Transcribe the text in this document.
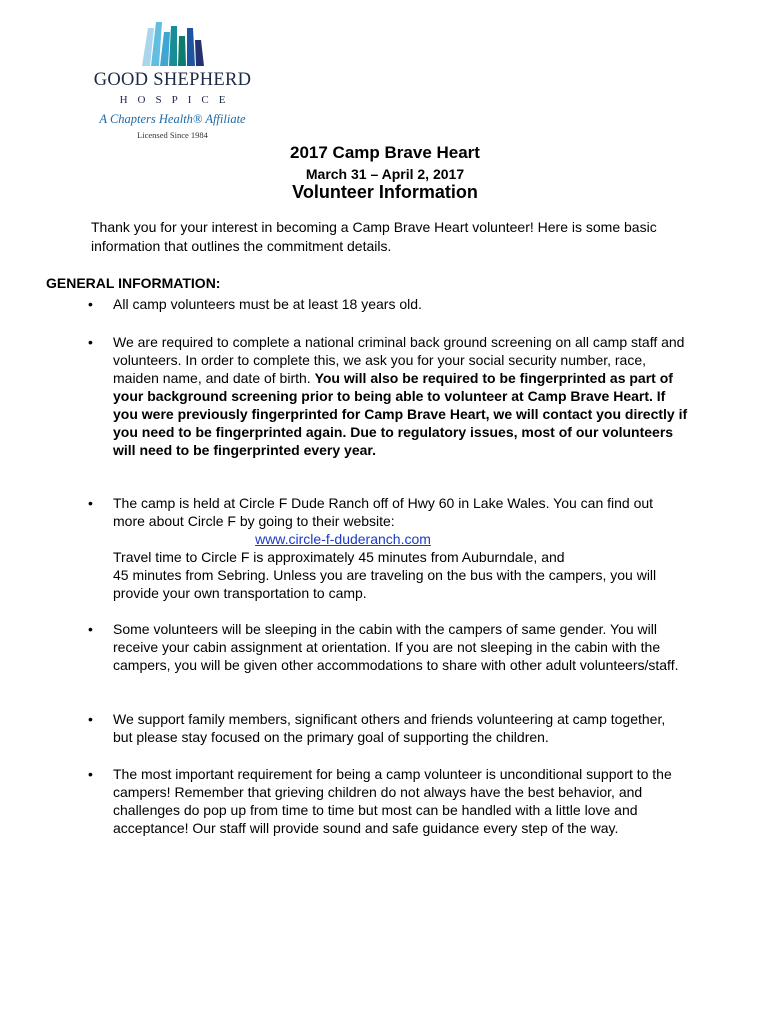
GOOD SHEPHERD
HOSPICE
A Chapters Health® Affiliate
Licensed Since 1984
2017 Camp Brave Heart
March 31 – April 2, 2017
Volunteer Information
Thank you for your interest in becoming a Camp Brave Heart volunteer! Here is some basic information that outlines the commitment details.
GENERAL INFORMATION:
• All camp volunteers must be at least 18 years old.
• We are required to complete a national criminal back ground screening on all camp staff and volunteers. In order to complete this, we ask you for your social security number, race, maiden name, and date of birth. You will also be required to be fingerprinted as part of your background screening prior to being able to volunteer at Camp Brave Heart. If you were previously fingerprinted for Camp Brave Heart, we will contact you directly if you need to be fingerprinted again. Due to regulatory issues, most of our volunteers will need to be fingerprinted every year.
• The camp is held at Circle F Dude Ranch off of Hwy 60 in Lake Wales. You can find out more about Circle F by going to their website:
www.circle-f-duderanch.com
Travel time to Circle F is approximately 45 minutes from Auburndale, and
45 minutes from Sebring. Unless you are traveling on the bus with the campers, you will provide your own transportation to camp.
• Some volunteers will be sleeping in the cabin with the campers of same gender. You will receive your cabin assignment at orientation. If you are not sleeping in the cabin with the campers, you will be given other accommodations to share with other adult volunteers/staff.
• We support family members, significant others and friends volunteering at camp together, but please stay focused on the primary goal of supporting the children.
• The most important requirement for being a camp volunteer is unconditional support to the campers! Remember that grieving children do not always have the best behavior, and challenges do pop up from time to time but most can be handled with a little love and acceptance! Our staff will provide sound and safe guidance every step of the way.
